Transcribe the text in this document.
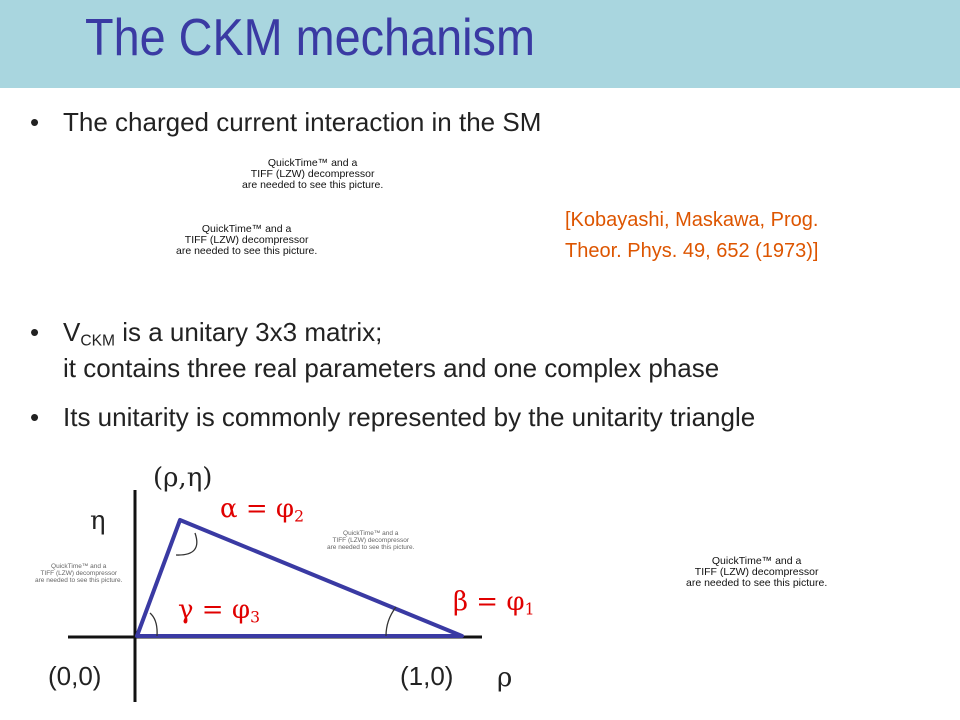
The CKM mechanism
• The charged current interaction in the SM
QuickTime™ and a
TIFF (LZW) decompressor
are needed to see this picture.
QuickTime™ and a
TIFF (LZW) decompressor
are needed to see this picture.
[Kobayashi, Maskawa, Prog.
Theor. Phys. 49, 652 (1973)]
• $V_{CKM}$ is a unitary 3x3 matrix;
it contains three real parameters and one complex phase
• Its unitarity is commonly represented by the unitarity triangle
QuickTime™ and a
TIFF (LZW) decompressor
are needed to see this picture.
QuickTime™ and a
TIFF (LZW) decompressor
are needed to see this picture.
QuickTime™ and a
TIFF (LZW) decompressor
are needed to see this picture.
(ρ,η)
η
ρ
(0,0)	(1,0)
$\alpha = \varphi_2$
$\gamma = \varphi_3$
$\beta = \varphi_1$
